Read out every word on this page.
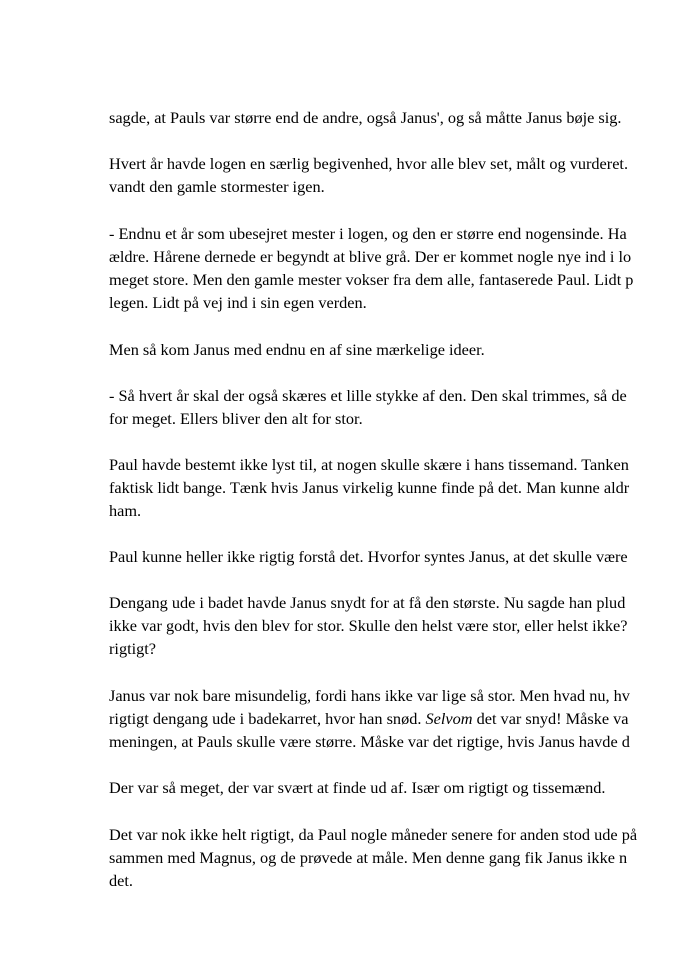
sagde, at Pauls var større end de andre, også Janus', og så måtte Janus bøje sig.
Hvert år havde logen en særlig begivenhed, hvor alle blev set, målt og vurderet.
vandt den gamle stormester igen.
- Endnu et år som ubesejret mester i logen, og den er større end nogensinde. Ha
ældre. Hårene dernede er begyndt at blive grå. Der er kommet nogle nye ind i lo
meget store. Men den gamle mester vokser fra dem alle, fantaserede Paul. Lidt p
legen. Lidt på vej ind i sin egen verden.
Men så kom Janus med endnu en af sine mærkelige ideer.
- Så hvert år skal der også skæres et lille stykke af den. Den skal trimmes, så de
for meget. Ellers bliver den alt for stor.
Paul havde bestemt ikke lyst til, at nogen skulle skære i hans tissemand. Tanken
faktisk lidt bange. Tænk hvis Janus virkelig kunne finde på det. Man kunne aldr
ham.
Paul kunne heller ikke rigtig forstå det. Hvorfor syntes Janus, at det skulle være
Dengang ude i badet havde Janus snydt for at få den største. Nu sagde han plud
ikke var godt, hvis den blev for stor. Skulle den helst være stor, eller helst ikke?
rigtigt?
Janus var nok bare misundelig, fordi hans ikke var lige så stor. Men hvad nu, hv
rigtigt dengang ude i badekarret, hvor han snød. Selvom det var snyd! Måske va
meningen, at Pauls skulle være større. Måske var det rigtige, hvis Janus havde d
Der var så meget, der var svært at finde ud af. Især om rigtigt og tissemænd.
Det var nok ikke helt rigtigt, da Paul nogle måneder senere for anden stod ude på
sammen med Magnus, og de prøvede at måle. Men denne gang fik Janus ikke n
det.
